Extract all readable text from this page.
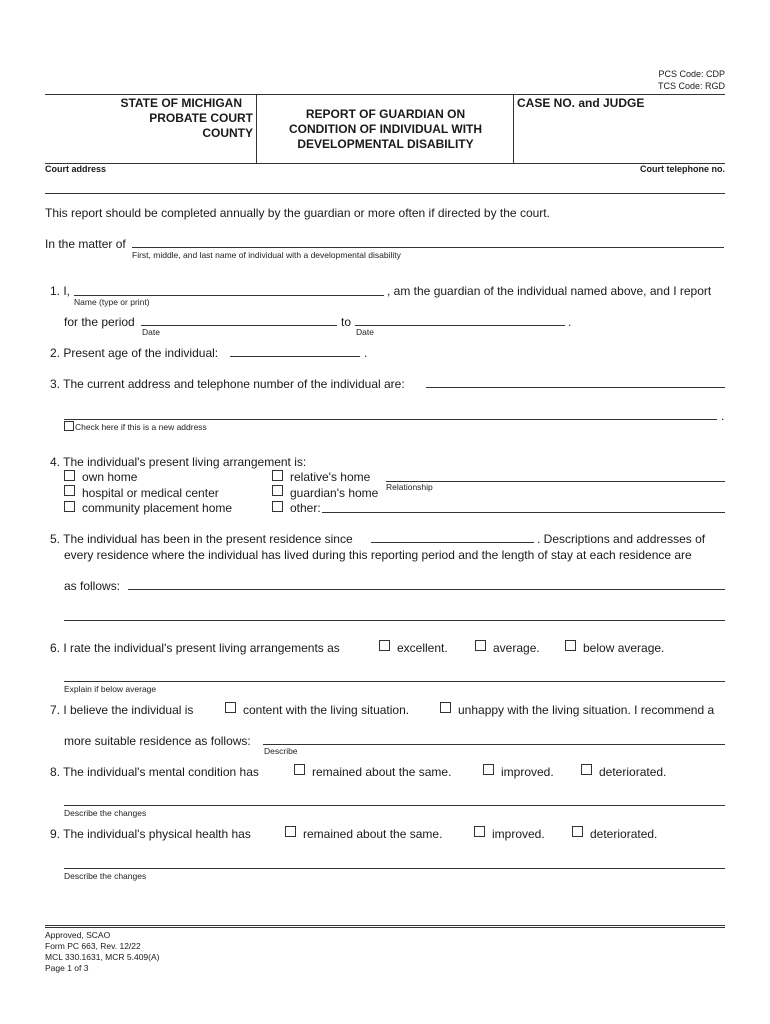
PCS Code: CDP
TCS Code: RGD
STATE OF MICHIGAN
PROBATE COURT
COUNTY
REPORT OF GUARDIAN ON
CONDITION OF INDIVIDUAL WITH
DEVELOPMENTAL DISABILITY
CASE NO. and JUDGE
Court address	Court telephone no.
This report should be completed annually by the guardian or more often if directed by the court.
In the matter of
First, middle, and last name of individual with a developmental disability
1. I,
Name (type or print)
, am the guardian of the individual named above, and I report
for the period
Date
to
Date
.
2. Present age of the individual:	.
3. The current address and telephone number of the individual are:
.
Check here if this is a new address
4. The individual's present living arrangement is:
own home
hospital or medical center
community placement home
relative's home
Relationship
guardian's home
other:
5. The individual has been in the present residence since	. Descriptions and addresses of
every residence where the individual has lived during this reporting period and the length of stay at each residence are
as follows:
6. I rate the individual's present living arrangements as	excellent.	average.	below average.
Explain if below average
7. I believe the individual is	content with the living situation.	unhappy with the living situation. I recommend a
more suitable residence as follows:
Describe
8. The individual's mental condition has	remained about the same.	improved.	deteriorated.
Describe the changes
9. The individual's physical health has	remained about the same.	improved.	deteriorated.
Describe the changes
Approved, SCAO
Form PC 663, Rev. 12/22
MCL 330.1631, MCR 5.409(A)
Page 1 of 3
